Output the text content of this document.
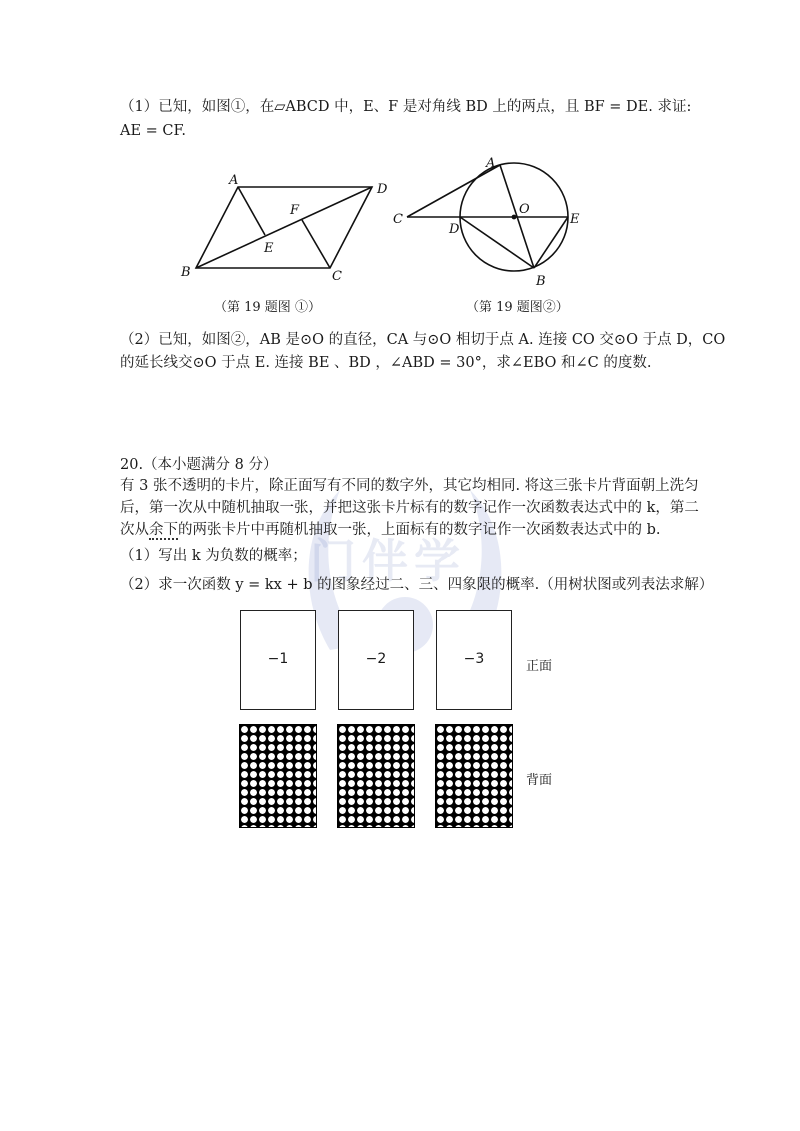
门伴学
（1）已知，如图①，在▱ABCD 中，E、F 是对角线 BD 上的两点，且 BF = DE. 求证:
AE = CF.
A
D
F
E
B	C
A
O
C
D
E
B
（第 19 题图 ①）	（第 19 题图②）
（2）已知，如图②，AB 是⊙O 的直径，CA 与⊙O 相切于点 A. 连接 CO 交⊙O 于点 D，CO
的延长线交⊙O 于点 E. 连接 BE 、BD ，∠ABD = 30°，求∠EBO 和∠C 的度数.
20.（本小题满分 8 分）
有 3 张不透明的卡片，除正面写有不同的数字外，其它均相同. 将这三张卡片背面朝上洗匀
后，第一次从中随机抽取一张，并把这张卡片标有的数字记作一次函数表达式中的 k，第二
次从余下的两张卡片中再随机抽取一张，上面标有的数字记作一次函数表达式中的 b.
（1）写出 k 为负数的概率；
（2）求一次函数 y = kx + b 的图象经过二、三、四象限的概率.（用树状图或列表法求解）
−1	−2	−3	正面
背面
